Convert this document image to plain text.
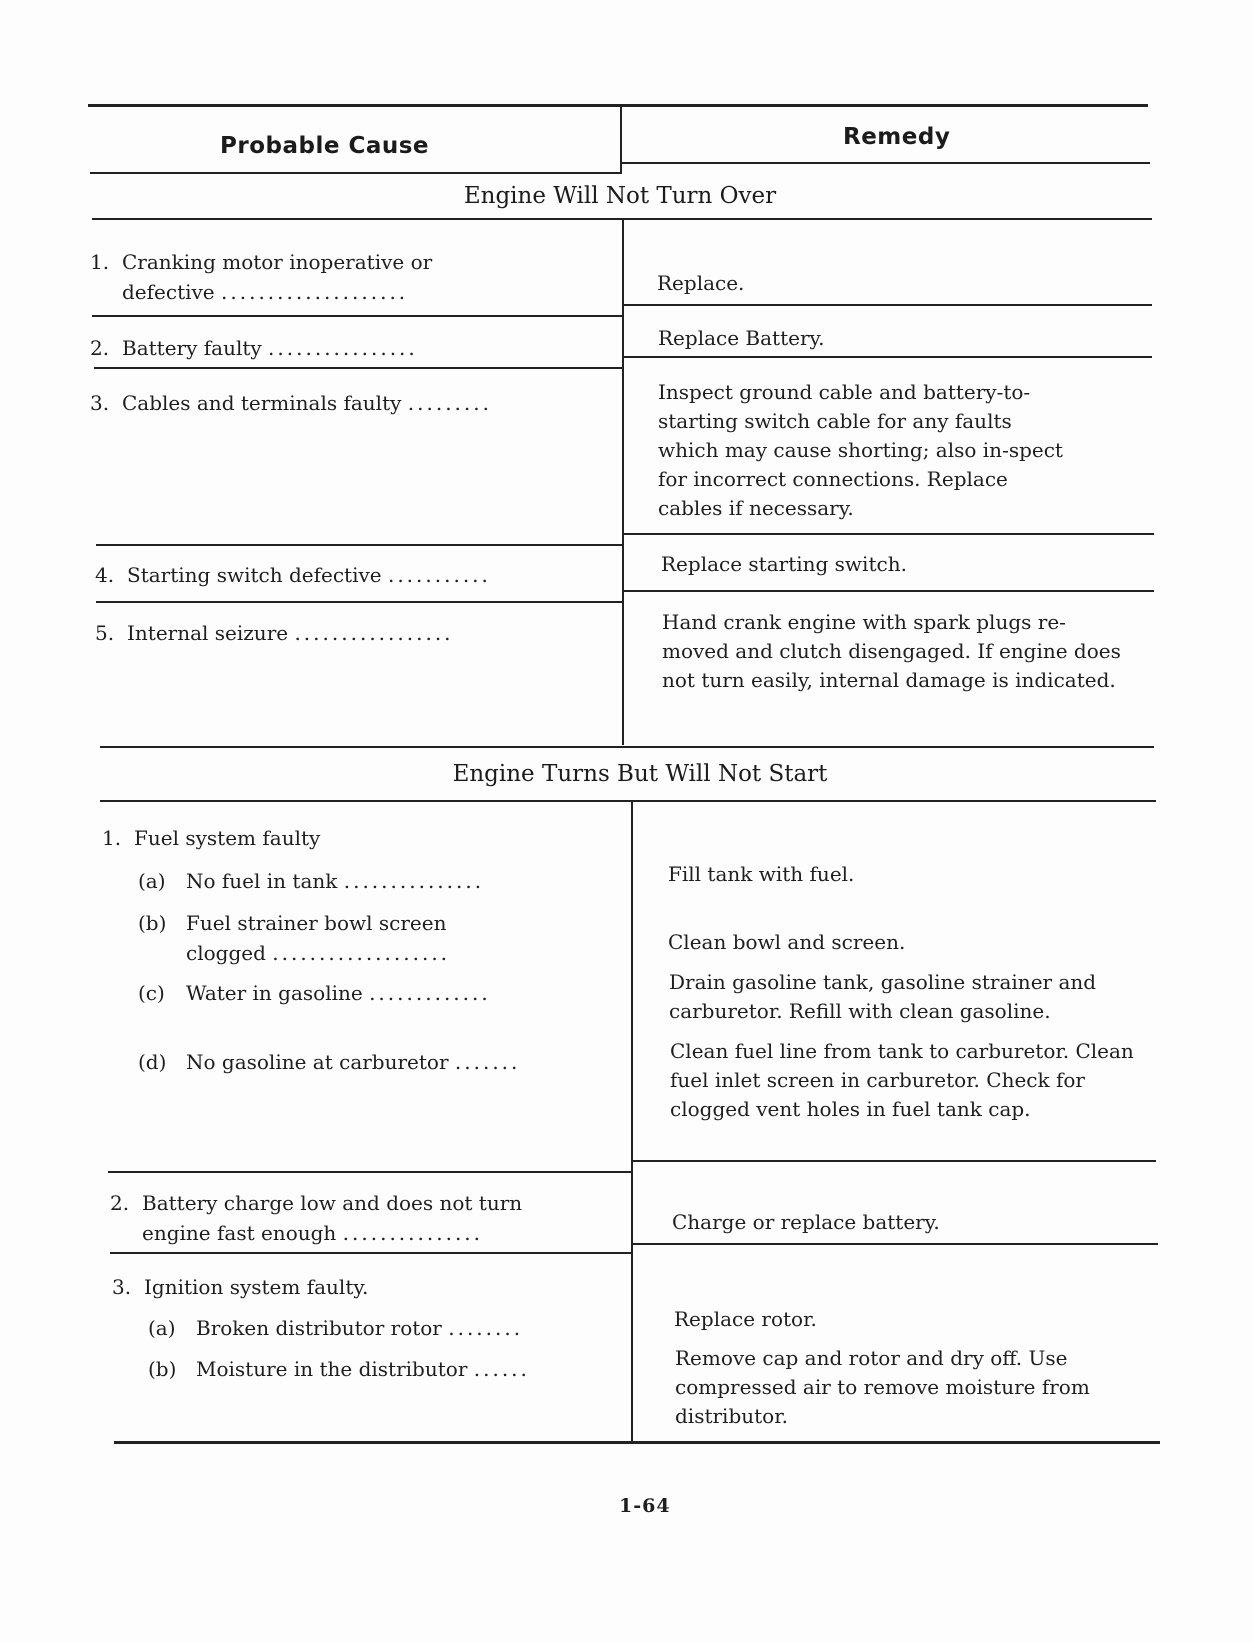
Probable Cause	Remedy
Engine Will Not Turn Over
1. Cranking motor inoperative or
defective ....................	Replace.
2. Battery faulty ................	Replace Battery.
3. Cables and terminals faulty .........	Inspect ground cable and battery-to-starting switch cable for any faults which may cause shorting; also in-spect for incorrect connections. Replace cables if necessary.
4. Starting switch defective ...........	Replace starting switch.
5. Internal seizure .................	Hand crank engine with spark plugs re-moved and clutch disengaged. If engine does not turn easily, internal damage is indicated.
Engine Turns But Will Not Start
1. Fuel system faulty
(a) No fuel in tank ...............	Fill tank with fuel.
(b) Fuel strainer bowl screen
clogged ...................	Clean bowl and screen.
(c) Water in gasoline .............	Drain gasoline tank, gasoline strainer and carburetor. Refill with clean gasoline.
(d) No gasoline at carburetor .......	Clean fuel line from tank to carburetor. Clean fuel inlet screen in carburetor. Check for clogged vent holes in fuel tank cap.
2. Battery charge low and does not turn
engine fast enough ...............	Charge or replace battery.
3. Ignition system faulty.
(a) Broken distributor rotor ........	Replace rotor.
(b) Moisture in the distributor ......	Remove cap and rotor and dry off. Use compressed air to remove moisture from distributor.
1-64
